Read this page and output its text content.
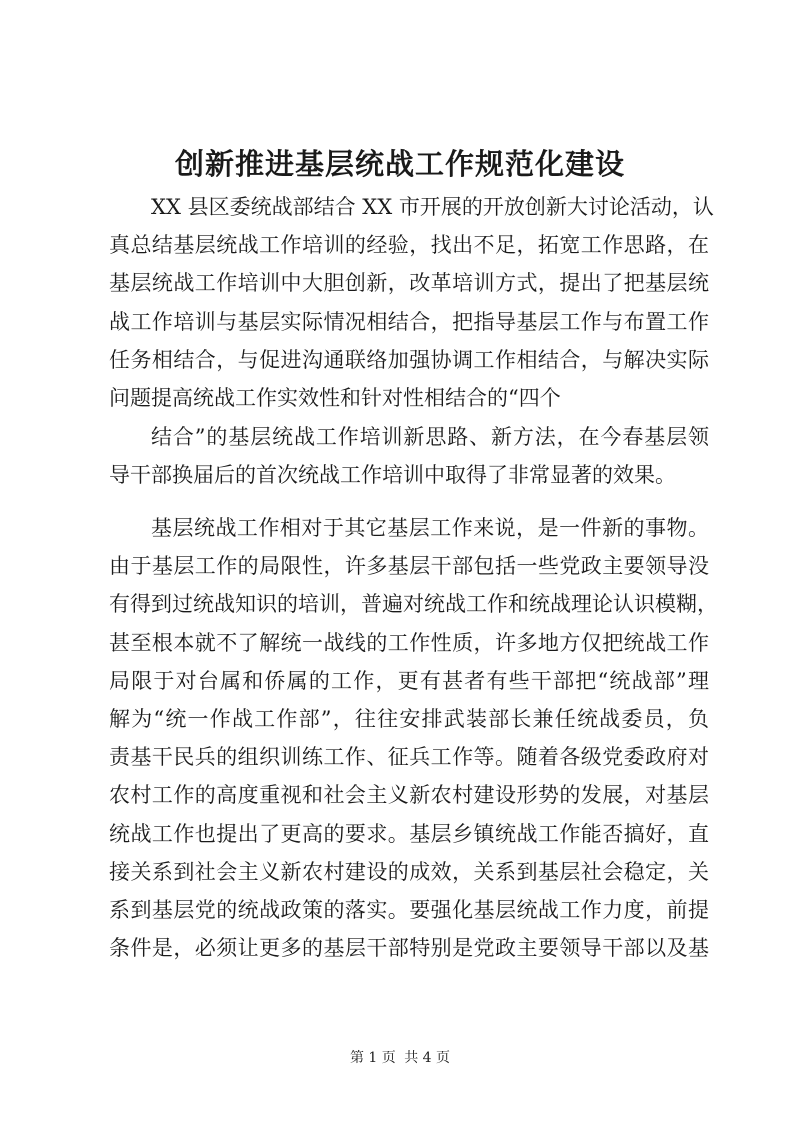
创新推进基层统战工作规范化建设
XX 县区委统战部结合 XX 市开展的开放创新大讨论活动，认
真总结基层统战工作培训的经验，找出不足，拓宽工作思路，在
基层统战工作培训中大胆创新，改革培训方式，提出了把基层统
战工作培训与基层实际情况相结合，把指导基层工作与布置工作
任务相结合，与促进沟通联络加强协调工作相结合，与解决实际
问题提高统战工作实效性和针对性相结合的“四个
结合”的基层统战工作培训新思路、新方法，在今春基层领
导干部换届后的首次统战工作培训中取得了非常显著的效果。
基层统战工作相对于其它基层工作来说，是一件新的事物。
由于基层工作的局限性，许多基层干部包括一些党政主要领导没
有得到过统战知识的培训，普遍对统战工作和统战理论认识模糊，
甚至根本就不了解统一战线的工作性质，许多地方仅把统战工作
局限于对台属和侨属的工作，更有甚者有些干部把“统战部”理
解为“统一作战工作部”，往往安排武装部长兼任统战委员，负
责基干民兵的组织训练工作、征兵工作等。随着各级党委政府对
农村工作的高度重视和社会主义新农村建设形势的发展，对基层
统战工作也提出了更高的要求。基层乡镇统战工作能否搞好，直
接关系到社会主义新农村建设的成效，关系到基层社会稳定，关
系到基层党的统战政策的落实。要强化基层统战工作力度，前提
条件是，必须让更多的基层干部特别是党政主要领导干部以及基
第 1 页 共 4 页
